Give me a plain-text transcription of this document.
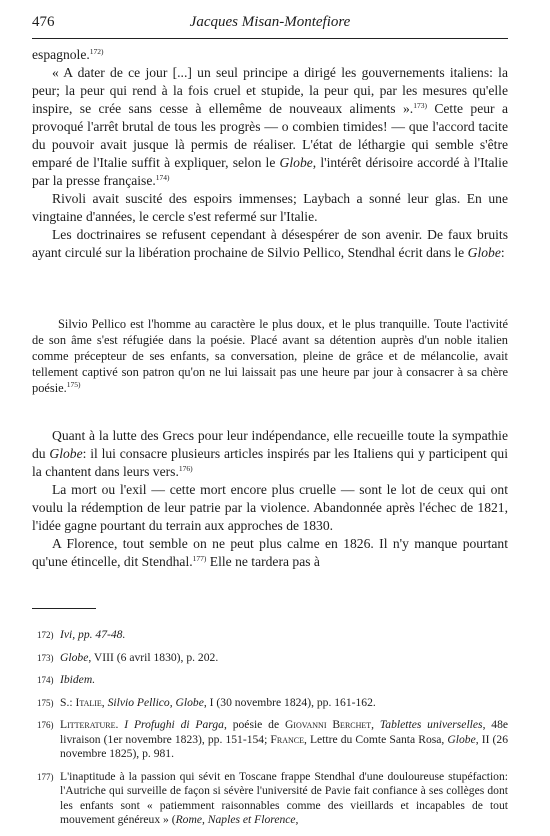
476	Jacques Misan-Montefiore

espagnole.$^{172)}$

« A dater de ce jour [...] un seul principe a dirigé les gouvernements italiens: la peur; la peur qui rend à la fois cruel et stupide, la peur qui, par les mesures qu'elle inspire, se crée sans cesse à ellemême de nouveaux aliments ».$^{173)}$ Cette peur a provoqué l'arrêt brutal de tous les progrès — o combien timides! — que l'accord tacite du pouvoir avait jusque là permis de réaliser. L'état de léthargie qui semble s'être emparé de l'Italie suffit à expliquer, selon le Globe, l'intérêt dérisoire accordé à l'Italie par la presse française.$^{174)}$

Rivoli avait suscité des espoirs immenses; Laybach a sonné leur glas. En une vingtaine d'années, le cercle s'est refermé sur l'Italie.

Les doctrinaires se refusent cependant à désespérer de son avenir. De faux bruits ayant circulé sur la libération prochaine de Silvio Pellico, Stendhal écrit dans le Globe:

Silvio Pellico est l'homme au caractère le plus doux, et le plus tranquille. Toute l'activité de son âme s'est réfugiée dans la poésie. Placé avant sa détention auprès d'un noble italien comme précepteur de ses enfants, sa conversation, pleine de grâce et de mélancolie, avait tellement captivé son patron qu'on ne lui laissait pas une heure par jour à consacrer à sa chère poésie.$^{175)}$

Quant à la lutte des Grecs pour leur indépendance, elle recueille toute la sympathie du Globe: il lui consacre plusieurs articles inspirés par les Italiens qui y participent qui la chantent dans leurs vers.$^{176)}$

La mort ou l'exil — cette mort encore plus cruelle — sont le lot de ceux qui ont voulu la rédemption de leur patrie par la violence. Abandonnée après l'échec de 1821, l'idée gagne pourtant du terrain aux approches de 1830.

A Florence, tout semble on ne peut plus calme en 1826. Il n'y manque pourtant qu'une étincelle, dit Stendhal.$^{177)}$ Elle ne tardera pas à

172) Ivi, pp. 47-48.
173) Globe, VIII (6 avril 1830), p. 202.
174) Ibidem.
175) S.: Italie, Silvio Pellico, Globe, I (30 novembre 1824), pp. 161-162.
176) Litterature. I Profughi di Parga, poésie de Giovanni Berchet, Tablettes universelles, 48e livraison (1er novembre 1823), pp. 151-154; France, Lettre du Comte Santa Rosa, Globe, II (26 novembre 1825), p. 981.
177) L'inaptitude à la passion qui sévit en Toscane frappe Stendhal d'une douloureuse stupéfaction: l'Autriche qui surveille de façon si sévère l'université de Pavie fait confiance à ses collèges dont les enfants sont « patiemment raisonnables comme des vieillards et incapables de tout mouvement généreux » (Rome, Naples et Florence,
